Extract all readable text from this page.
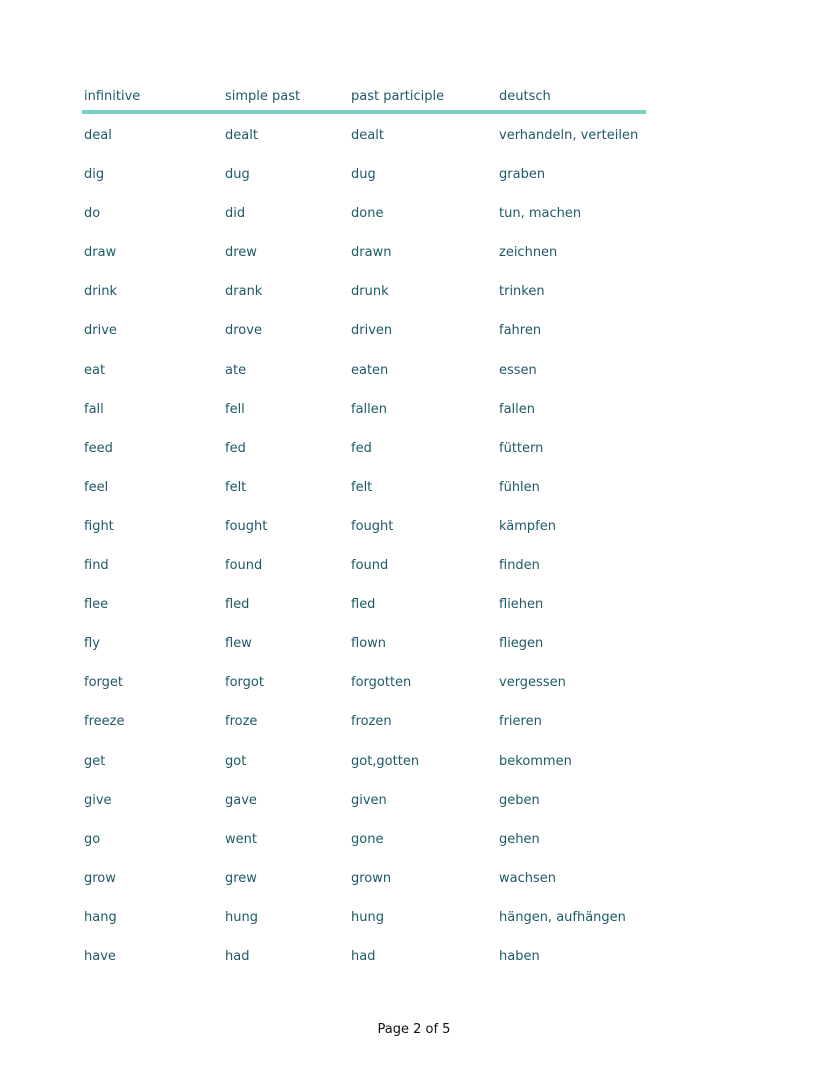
infinitive	simple past	past participle	deutsch
deal	dealt	dealt	verhandeln, verteilen
dig	dug	dug	graben
do	did	done	tun, machen
draw	drew	drawn	zeichnen
drink	drank	drunk	trinken
drive	drove	driven	fahren
eat	ate	eaten	essen
fall	fell	fallen	fallen
feed	fed	fed	füttern
feel	felt	felt	fühlen
fight	fought	fought	kämpfen
find	found	found	finden
flee	fled	fled	fliehen
fly	flew	flown	fliegen
forget	forgot	forgotten	vergessen
freeze	froze	frozen	frieren
get	got	got,gotten	bekommen
give	gave	given	geben
go	went	gone	gehen
grow	grew	grown	wachsen
hang	hung	hung	hängen, aufhängen
have	had	had	haben
Page 2 of 5
